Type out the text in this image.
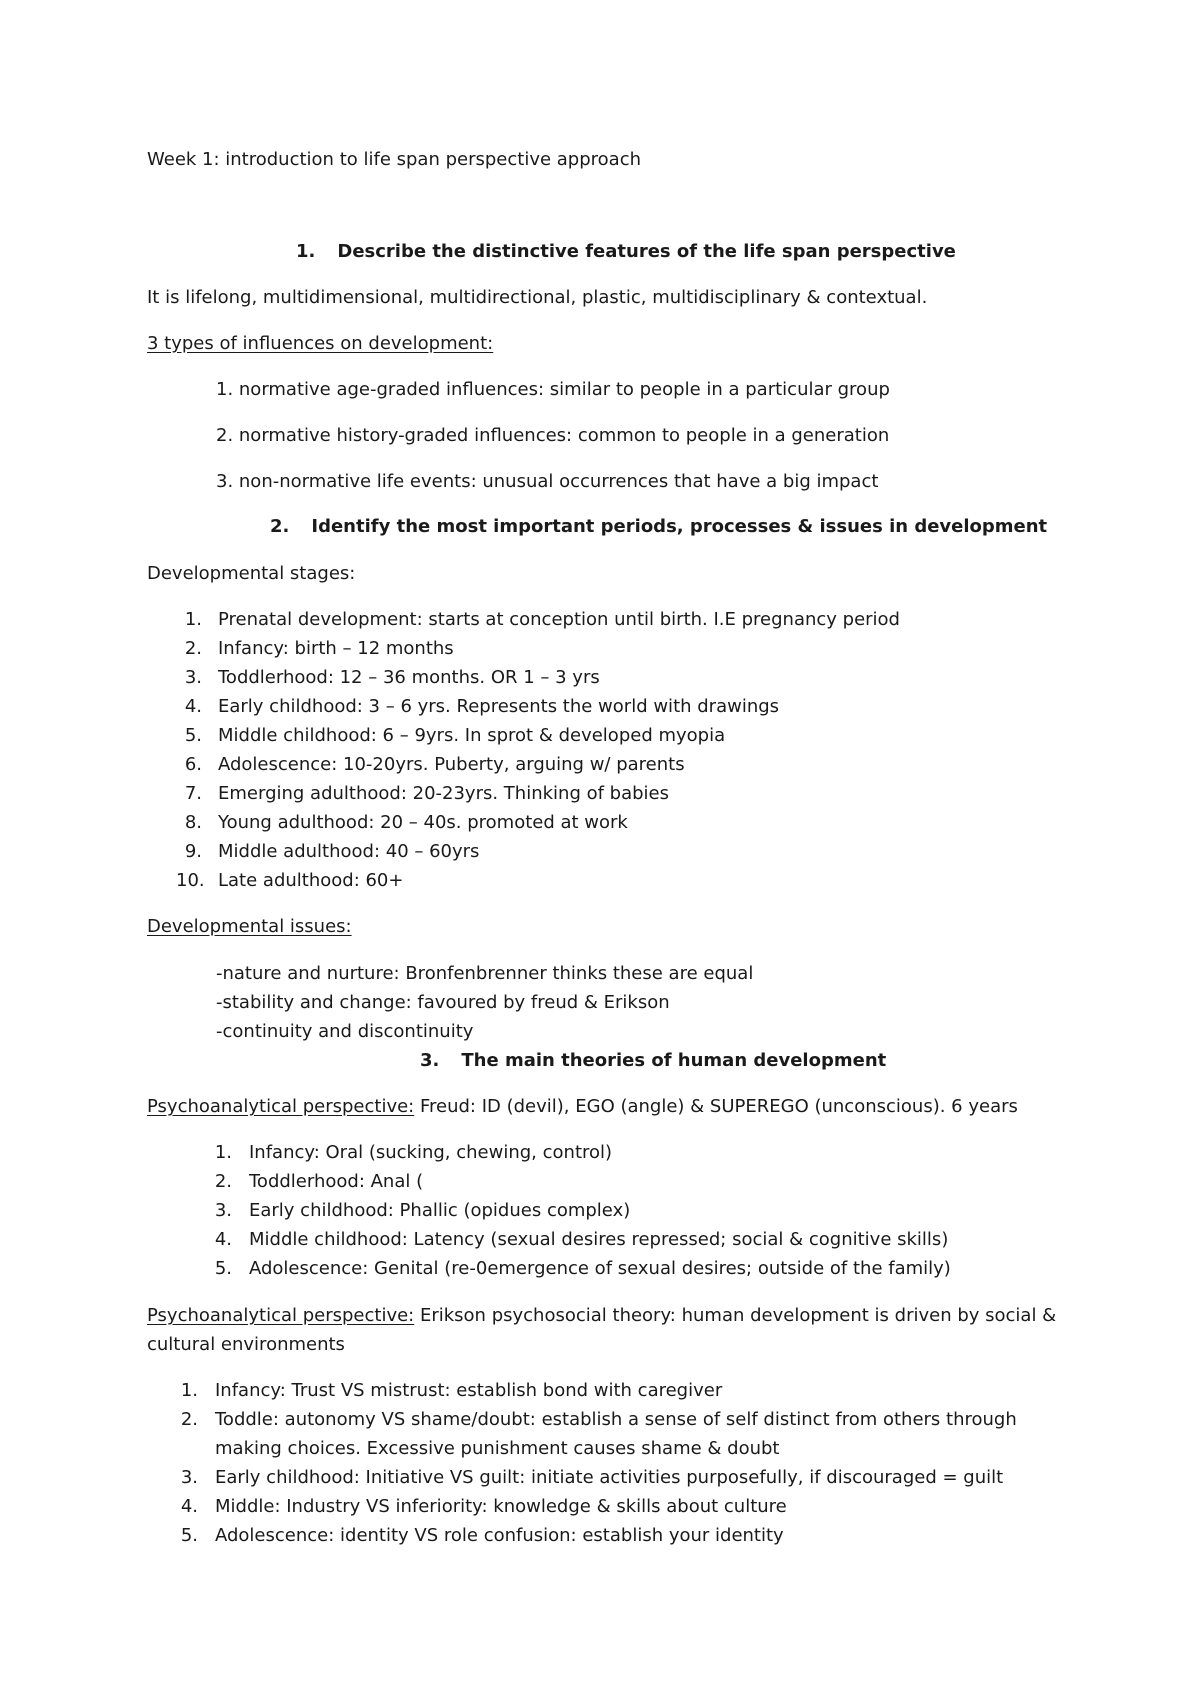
Week 1: introduction to life span perspective approach
1. Describe the distinctive features of the life span perspective
It is lifelong, multidimensional, multidirectional, plastic, multidisciplinary & contextual.
3 types of influences on development:
1. normative age-graded influences: similar to people in a particular group
2. normative history-graded influences: common to people in a generation
3. non-normative life events: unusual occurrences that have a big impact
2. Identify the most important periods, processes & issues in development
Developmental stages:
1. Prenatal development: starts at conception until birth. I.E pregnancy period
2. Infancy: birth – 12 months
3. Toddlerhood: 12 – 36 months. OR 1 – 3 yrs
4. Early childhood: 3 – 6 yrs. Represents the world with drawings
5. Middle childhood: 6 – 9yrs. In sprot & developed myopia
6. Adolescence: 10-20yrs. Puberty, arguing w/ parents
7. Emerging adulthood: 20-23yrs. Thinking of babies
8. Young adulthood: 20 – 40s. promoted at work
9. Middle adulthood: 40 – 60yrs
10. Late adulthood: 60+
Developmental issues:
-nature and nurture: Bronfenbrenner thinks these are equal
-stability and change: favoured by freud & Erikson
-continuity and discontinuity
3. The main theories of human development
Psychoanalytical perspective: Freud: ID (devil), EGO (angle) & SUPEREGO (unconscious). 6 years
1. Infancy: Oral (sucking, chewing, control)
2. Toddlerhood: Anal (
3. Early childhood: Phallic (opidues complex)
4. Middle childhood: Latency (sexual desires repressed; social & cognitive skills)
5. Adolescence: Genital (re-0emergence of sexual desires; outside of the family)
Psychoanalytical perspective: Erikson psychosocial theory: human development is driven by social &
cultural environments
1. Infancy: Trust VS mistrust: establish bond with caregiver
2. Toddle: autonomy VS shame/doubt: establish a sense of self distinct from others through
making choices. Excessive punishment causes shame & doubt
3. Early childhood: Initiative VS guilt: initiate activities purposefully, if discouraged = guilt
4. Middle: Industry VS inferiority: knowledge & skills about culture
5. Adolescence: identity VS role confusion: establish your identity
